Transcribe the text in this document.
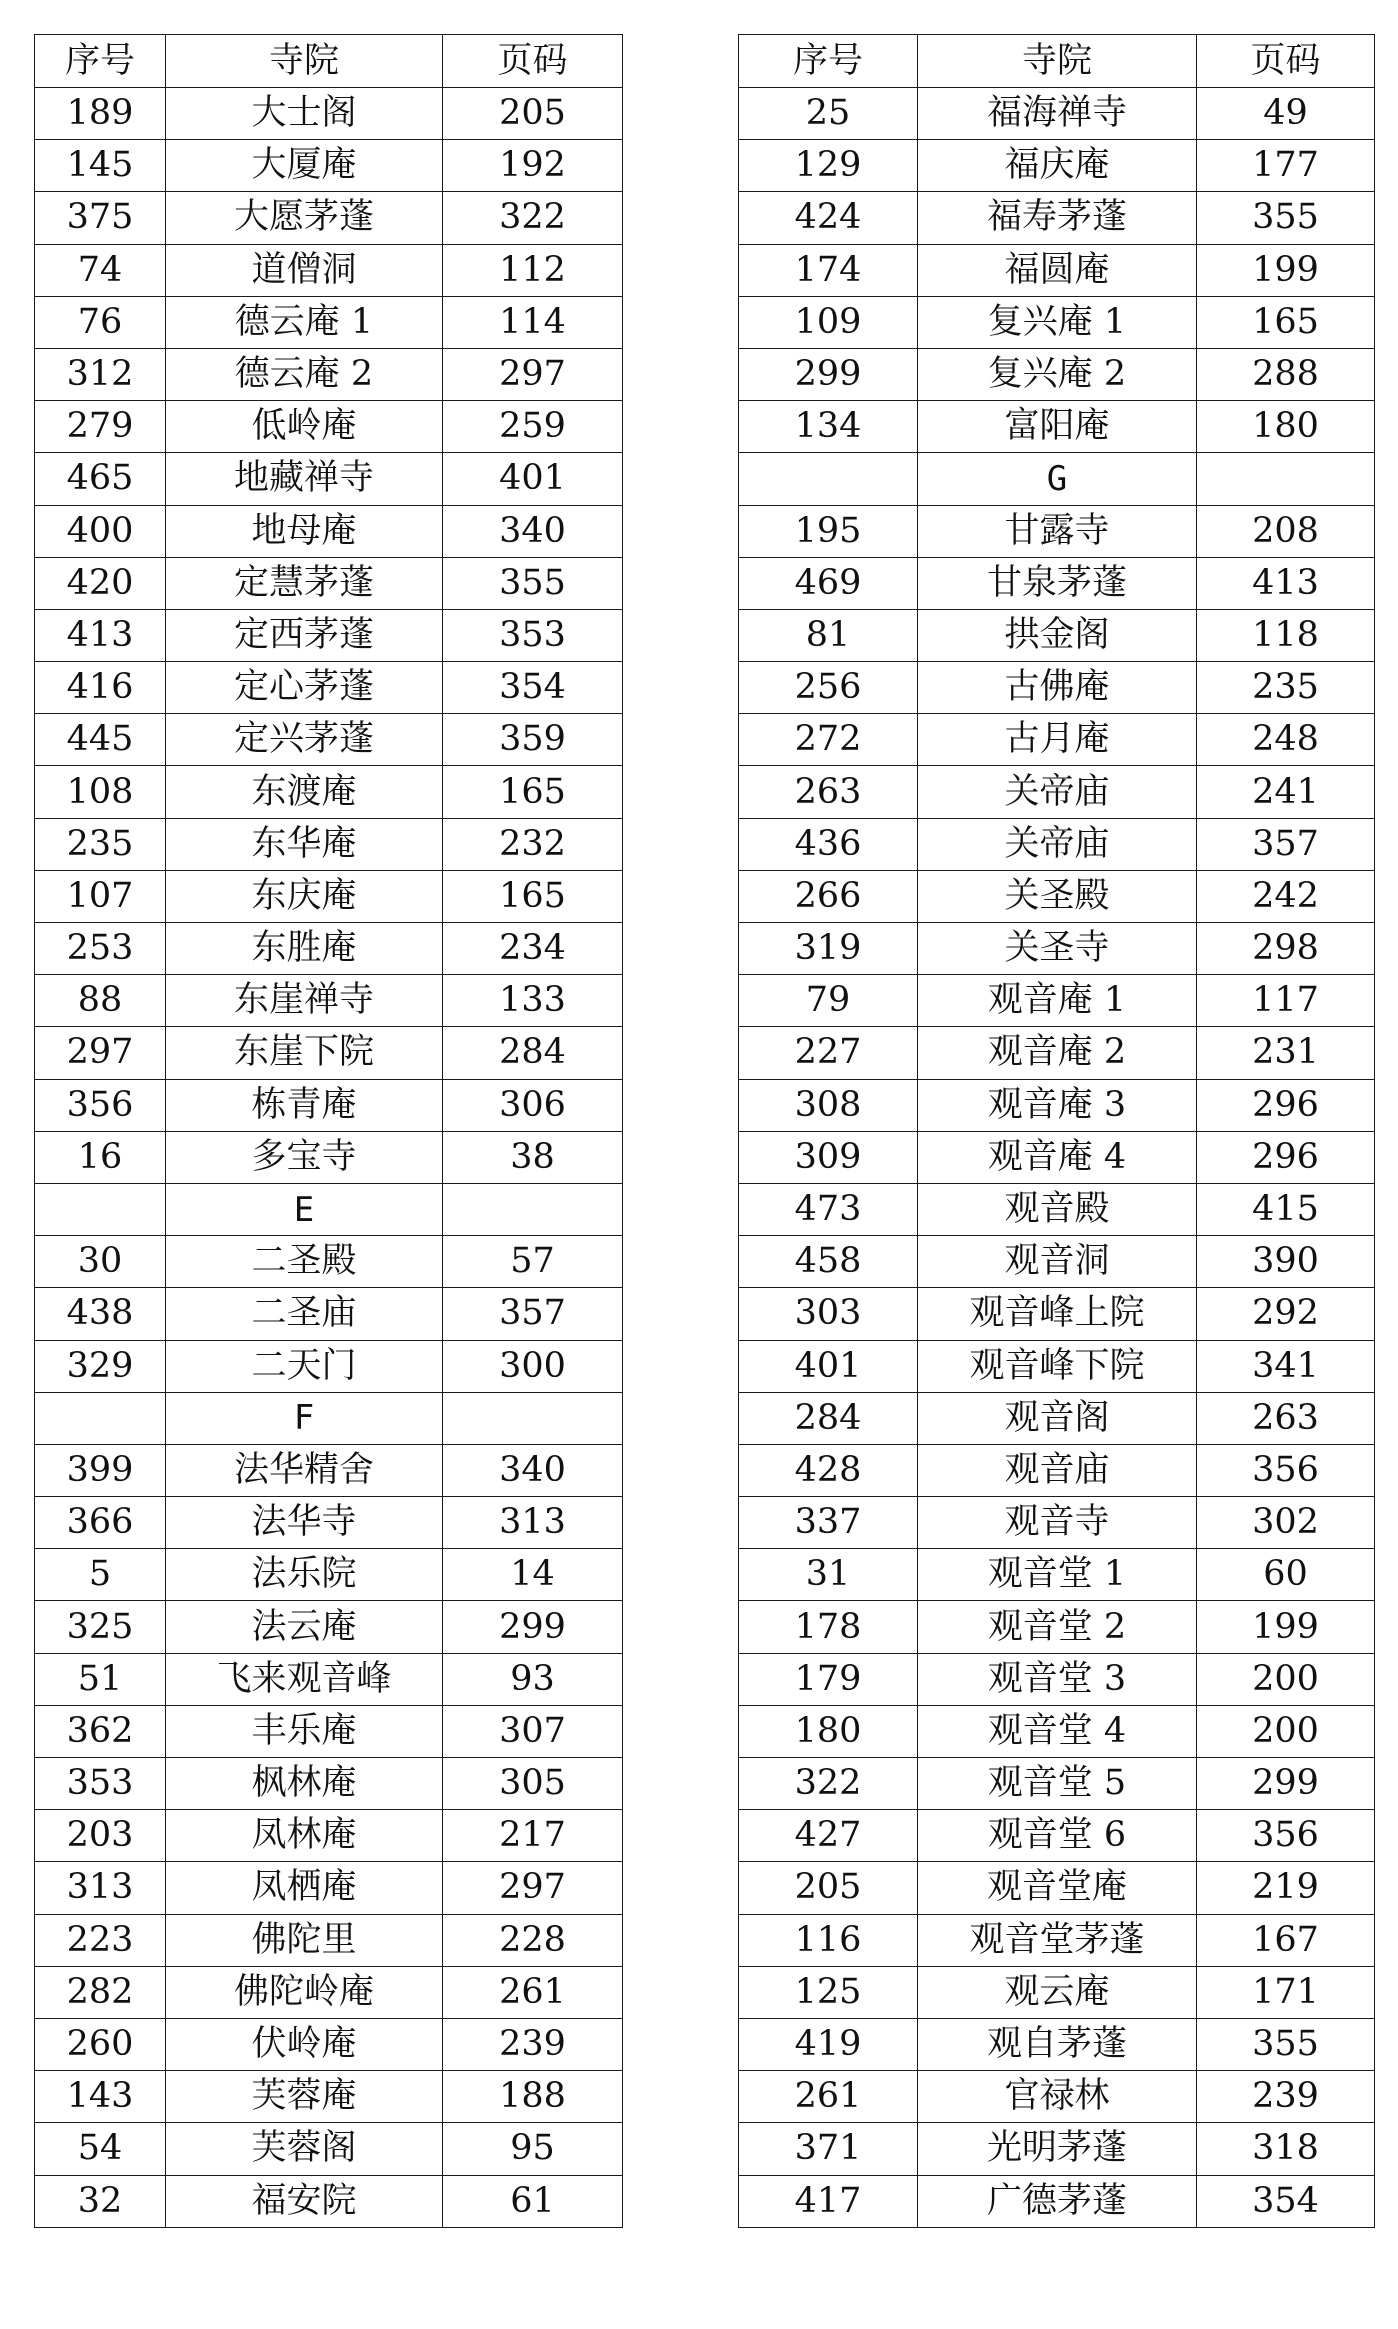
序号	寺院	页码
189	大士阁	205
145	大厦庵	192
375	大愿茅蓬	322
74	道僧洞	112
76	德云庵 1	114
312	德云庵 2	297
279	低岭庵	259
465	地藏禅寺	401
400	地母庵	340
420	定慧茅蓬	355
413	定西茅蓬	353
416	定心茅蓬	354
445	定兴茅蓬	359
108	东渡庵	165
235	东华庵	232
107	东庆庵	165
253	东胜庵	234
88	东崖禅寺	133
297	东崖下院	284
356	栋青庵	306
16	多宝寺	38
	E	
30	二圣殿	57
438	二圣庙	357
329	二天门	300
	F	
399	法华精舍	340
366	法华寺	313
5	法乐院	14
325	法云庵	299
51	飞来观音峰	93
362	丰乐庵	307
353	枫林庵	305
203	凤林庵	217
313	凤栖庵	297
223	佛陀里	228
282	佛陀岭庵	261
260	伏岭庵	239
143	芙蓉庵	188
54	芙蓉阁	95
32	福安院	61
序号	寺院	页码
25	福海禅寺	49
129	福庆庵	177
424	福寿茅蓬	355
174	福圆庵	199
109	复兴庵 1	165
299	复兴庵 2	288
134	富阳庵	180
	G	
195	甘露寺	208
469	甘泉茅蓬	413
81	拱金阁	118
256	古佛庵	235
272	古月庵	248
263	关帝庙	241
436	关帝庙	357
266	关圣殿	242
319	关圣寺	298
79	观音庵 1	117
227	观音庵 2	231
308	观音庵 3	296
309	观音庵 4	296
473	观音殿	415
458	观音洞	390
303	观音峰上院	292
401	观音峰下院	341
284	观音阁	263
428	观音庙	356
337	观音寺	302
31	观音堂 1	60
178	观音堂 2	199
179	观音堂 3	200
180	观音堂 4	200
322	观音堂 5	299
427	观音堂 6	356
205	观音堂庵	219
116	观音堂茅蓬	167
125	观云庵	171
419	观自茅蓬	355
261	官禄林	239
371	光明茅蓬	318
417	广德茅蓬	354
